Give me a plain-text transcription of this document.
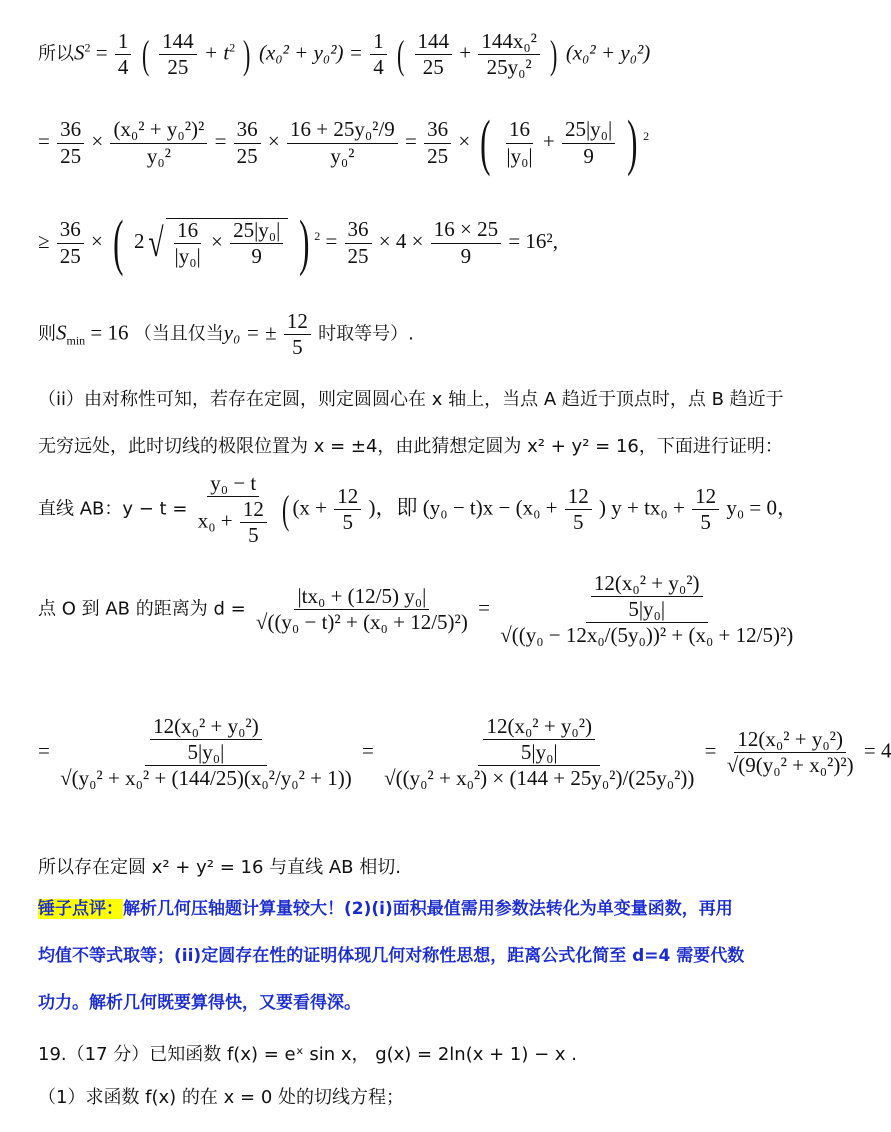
所以$S^2 = \frac{1}{4}$ ( $\frac{144}{25} + t^2$ ) $(x_0^2 + y_0^2) = \frac{1}{4}$ ( $\frac{144}{25} + \frac{\text{144x₀²}}{\text{25y₀²}}$ ) (x₀² + y₀²)
= $\frac{36}{25} \times \frac{\text{(x₀² + y₀²)²}}{\text{y₀²}} = \frac{36}{25} \times \frac{\text{16 + 25y₀²/9}}{\text{y₀²}} = \frac{36}{25}$ × ( $\frac{16}{\text{|y₀|}} + \frac{\text{25|y₀|}}{9}$ ) $^2$
≥ $\frac{36}{25}$ × ( $2√ \frac{16}{\text{|y₀|}} \times \frac{\text{25|y₀|}}{9}$ ) $^2 = \frac{36}{25} \times 4 \times \frac{16 \times 25}{9} = 16^2$,
则$S_{min} = 16$ （当且仅当y₀ = ± $\frac{12}{5}$ 时取等号）.
（ii）由对称性可知，若存在定圆，则定圆圆心在 x 轴上，当点 A 趋近于顶点时，点 B 趋近于
无穷远处，此时切线的极限位置为 x = ±4，由此猜想定圆为 x² + y² = 16，下面进行证明：
直线 AB：$y - t = \frac{\text{y₀ − t}}{x_0 + \frac{12}{5}}$ ( ($x + \frac{12}{5}$ )，即 $(y_0 - t)x - (x_0 + \frac{12}{5}$ ) $y + tx_0 + \frac{12}{5} y_0 = 0$，
点 O 到 AB 的距离为 $d = \frac{\text{|tx₀ + (12/5) y₀|}}{\text{√((y₀ − t)² + (x₀ + 12/5)²)}} = \frac{\frac{\text{12(x₀² + y₀²)}}{\text{5|y₀|}}}{\text{√((y₀ − 12x₀/(5y₀))² + (x₀ + 12/5)²)}}$
= $\frac{\frac{\text{12(x₀² + y₀²)}}{\text{5|y₀|}}}{\text{√(y₀² + x₀² + (144/25)(x₀²/y₀² + 1))}} = \frac{\frac{\text{12(x₀² + y₀²)}}{\text{5|y₀|}}}{\text{√((y₀² + x₀²) × (144 + 25y₀²)/(25y₀²))}} = \frac{\text{12(x₀² + y₀²)}}{\text{√(9(y₀² + x₀²)²)}} = 4$
所以存在定圆 x² + y² = 16 与直线 AB 相切.
锤子点评：解析几何压轴题计算量较大！(2)(i)面积最值需用参数法转化为单变量函数，再用
均值不等式取等；(ii)定圆存在性的证明体现几何对称性思想，距离公式化简至 d=4 需要代数
功力。解析几何既要算得快，又要看得深。
19.（17 分）已知函数 f(x) = eˣ sin x， g(x) = 2ln(x + 1) − x .
（1）求函数 f(x) 的在 x = 0 处的切线方程；
